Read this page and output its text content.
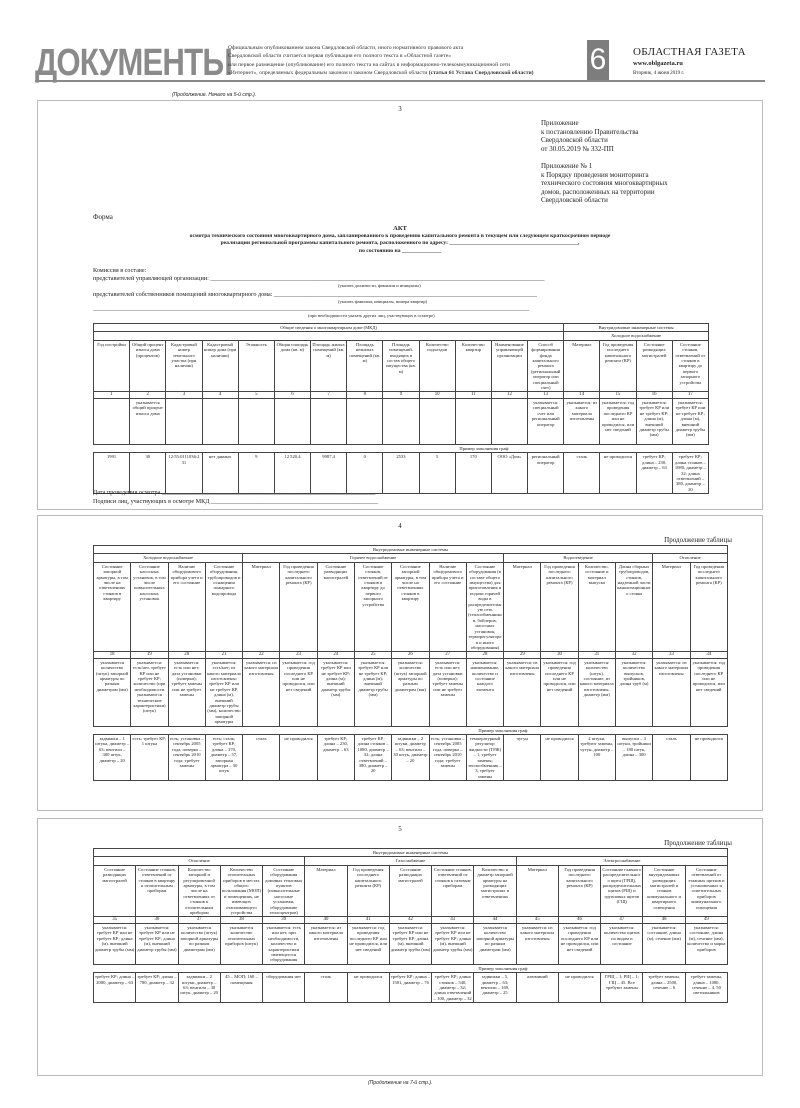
ДОКУМЕНТЫ
Официальным опубликованием закона Свердловской области, иного нормативного правового акта
Свердловской области считается первая публикация его полного текста в «Областной газете»
или первое размещение (опубликование) его полного текста на сайтах в информационно-телекоммуникационной сети
«Интернет», определяемых федеральным законом и законом Свердловской области (статья 61 Устава Свердловской области)	6 ОБЛАСТНАЯ ГАЗЕТА
www.oblgazeta.ru
Вторник, 4 июня 2019 г.
(Продолжение. Начало на 5-й стр.).
3
Приложение
к постановлению Правительства
Свердловской области
от 30.05.2019 № 332-ПП
Приложение № 1
к Порядку проведения мониторинга
технического состояния многоквартирных
домов, расположенных на территории
Свердловской области
Форма
АКТ
осмотра технического состояния многоквартирного дома, запланированного к проведению капитального ремонта в текущем или следующем краткосрочном периоде
реализации региональной программы капитального ремонта, расположенного по адресу: ______________________________________________,
по состоянию на ______________
Комиссия в составе:
представителей управляющей организации: ____________________________________________________________________________________________________________
(указать должности, фамилии и инициалы)
представителей собственников помещений многоквартирного дома: _____________________________________________________________________________________
(указать фамилии, инициалы, номера квартир)
_____________________________________________________________________________________________________________________________________________
(при необходимости указать других лиц, участвующих в осмотре)
Общие сведения о многоквартирном доме (МКД)													Внутридомовые инженерные системы			
													Холодное водоснабжение			
Год постройки	Общий процент износа дома (процентов)	Кадастровый номер земельного участка (при наличии)	Кадастровый номер дома (при наличии)	Этажность	Общая площадь дома (кв. м)	Площадь жилых помещений (кв. м)	Площадь нежилых помещений (кв. м)	Площадь помещений, входящих в состав общего имущества (кв. м)	Количество подъездов	Количество квартир	Наименование управляющей организации	Способ формирования фонда капитального ремонта (региональный оператор или специальный счет)	Материал	Год проведения последнего капитального ремонта (КР)	Состояние разводящих магистралей	Состояние стояков, ответвлений от стояков в квартиру до первого запорного устройства
1	2	3	4	5	6	7	8	9	10	11	12	13	14	15	16	17
	указывается общий процент износа дома											указывается: специальный счет или региональный оператор	указывается: из какого материала изготовлены	указывается: год проведения последнего КР или не проводился, или нет сведений	указывается: требует КР или не требует КР; длина (м), внешний диаметр трубы (мм)	указывается: требует КР или не требует КР; длина (м), внешний диаметр трубы (мм)
Пример заполнения граф																
1991	30	12:55:0111036:231	нет данных	9	12 520,4	9987,4	0	2533	5	170	ООО «Дом»	региональный оператор	сталь	не проводился	требует КР; длина – 230, диаметр – 63	требует КР; длина стояков – 1080, диаметр – 32; длина ответвлений – 380, диаметр – 20
Дата проведения осмотра _____________________________________________________________________
Подписи лиц, участвующих в осмотре МКД ______________________________________________________
4
Продолжение таблицы
Внутридомовые инженерные системы																
Холодное водоснабжение				Горячее водоснабжение							Водоотведение				Отопление	
Состояние запорной арматуры, в том числе на ответвлениях стояков в квартиру	Состояние насосных установок, в том числе повысительных насосных установок	Наличие общедомового прибора учета и его состояние	Состояние оборудования, трубопроводов и оснащения пожарного водопровода	Материал	Год проведения последнего капитального ремонта (КР)	Состояние разводящих магистралей	Состояние стояков, ответвлений от стояков в квартиру до первого запорного устройства	Состояние запорной арматуры, в том числе на ответвлениях стояков в квартиру	Наличие общедомового прибора учета и его состояние	Состояние оборудования (в составе общего имущества) для приготовления и подачи горячей воды в распределительную сеть (теплообменников, бойлеров, насосных установок, терморегуляторов и иного оборудования)	Материал	Год проведения последнего капитального ремонта (КР)	Количество, состояние и материал выпуска	Длина сборных трубопроводов, стояков, надземной части канализационного стояка	Материал	Год проведения последнего капитального ремонта (КР)
18	19	20	21	22	23	24	25	26	27	28	29	30	31	32	33	34
указывается количество (штук) запорной арматуры по разным диаметрам (мм)	указывается: есть/нет, требует КР или не требует КР; количество (при необходимости указываются технические характеристики) (штук)	указывается: есть или нет; дата установки (поверки); требует замены или не требует замены	указывается: есть/нет; из какого материала изготовлены; требует КР или не требует КР, длина (м), внешний диаметр трубы (мм), количество запорной арматуры	указывается: из какого материала изготовлены	указывается: год проведения последнего КР или не проводился, или нет сведений	указывается: требует КР или не требует КР; длина (м); внешний диаметр трубы (мм)	указывается: требует КР или не требует КР; длина (м); внешний диаметр трубы (мм)	указывается: количество (штук) запорной арматуры по разным диаметрам (мм)	указывается: есть или нет; дата установки (поверки); требует замены или не требует замены	указывается: наименование, количество и состояние каждого элемента	указывается: из какого материала изготовлены	указывается: год проведения последнего КР или не проводился, или нет сведений	указывается: количество (штук), состояние, из какого материала изготовлены, диаметр (мм)	указывается: количество выпусков, тройников, длина труб (м)	указывается: из какого материала изготовлены	указывается: год проведения последнего КР или не проводился, или нет сведений
Пример заполнения граф																
задвижки – 1 штука, диаметр – 63; вентили – 300 штук, диаметр – 20	есть; требует КР; 1 штука	есть; установка – сентябрь 2005 года, поверка – сентябрь 2010 года; требует замены	есть; сталь; требует КР; длина – 370, диаметр – 57, запорная арматура – 30 штук	сталь	не проводился	требует КР; длина – 230, диаметр – 63	требует КР; длина стояков – 1080, диаметр – 32; длина ответвлений – 380, диаметр – 20	задвижки – 2 штуки, диаметр – 63; вентили – 30 штук, диаметр – 20	есть; установка – сентябрь 2005 года, поверка – сентябрь 2010 года; требует замены	температурный регулятор жидкости (ТРЖ) – 1, требует замены; теплообменник – 3, требует замены	чугун	не проводился	2 штуки, требуют замены, чугун, диаметр – 100	выпуски – 3 штуки, тройники – 180 штук, длина – 300	сталь	не проводился
5
Продолжение таблицы
Внутридомовые инженерные системы														
Отопление					Газоснабжение					Электроснабжение				
Состояние разводящих магистралей	Состояние стояков, ответвлений от стояков в квартиру к отопительным приборам	Количество запорной и регулировочной арматуры, в том числе на ответвлениях от стояков к отопительным приборам	Количество отопительных приборов в местах общего пользования (МОП) и помещениях, не имеющих отапливающего устройства	Состояние оборудования домовых тепловых пунктов (повысительные насосные установки, оборудование теплоцентров)	Материал	Год проведения последнего капитального ремонта (КР)	Состояние разводящих магистралей	Состояние стояков, ответвлений от стояков к газовым приборам	Количество и диаметр запорной арматуры на разводящих магистралях и ответвлениях	Материал	Год проведения последнего капитального ремонта (КР)	Состояние главного распределительного щита (ГРЩ), распределительных щитов (РЩ) и групповых щитов (ГЩ)	Состояние внутридомовых разводящих магистралей и стояков коммунального и квартирного освещения	Состояние ответвлений от этажных щитков и установочных и осветительных приборов коммунального освещения
35	36	37	38	39	40	41	42	43	44	45	46	47	48	49
указывается: требует КР или не требует КР; длина (м), внешний диаметр трубы (мм)	указывается: требует КР или не требует КР; длина (м), внешний диаметр трубы (мм)	указывается количество (штук) запорной арматуры по разным диаметрам (мм)	указывается количество отопительных приборов (штук)	указывается: есть или нет, при необходимости, количество и характеристики имеющегося оборудования	указывается: из какого материала изготовлены	указывается: год проведения последнего КР или не проводился, или нет сведений	указывается: требует КР или не требует КР; длина (м), внешний диаметр трубы (мм)	указывается: требует КР или не требует КР; длина (м), внешний диаметр трубы (мм)	указывается количество запорной арматуры по разным диаметрам (мм)	указывается: из какого материала изготовлены	указывается: год проведения последнего КР или не проводился, или нет сведений	указывается: количество щитов по видам и состояние	указывается: состояние, длина (м), сечение (мм)	указывается: состояние, длина (м), сечение (мм), количество и марка приборов
Пример заполнения граф														
требует КР; длина – 2080, диаметр – 63	требует КР; длина – 780, диаметр – 32	задвижки – 2 штуки, диаметр – 63; вентили – 30 штук, диаметр – 20	45 – МОП; 160 – помещения	оборудования нет	сталь	не проводился	требует КР; длина – 1581, диаметр – 76	требует КР; длина стояков – 540, диаметр – 32; длина ответвлений – 100, диаметр – 32	задвижки – 5, диаметр – 63; вентили – 169, диаметр – 25	алюминий	не проводился	ГРЩ – 1; РЩ – 1; ГЩ – 45. Все требуют замены	требует замены, длина – 2500, сечение – 6	требует замены, длина – 1080, сечение – 4, 50 светильников
(Продолжение на 7-й стр.).
